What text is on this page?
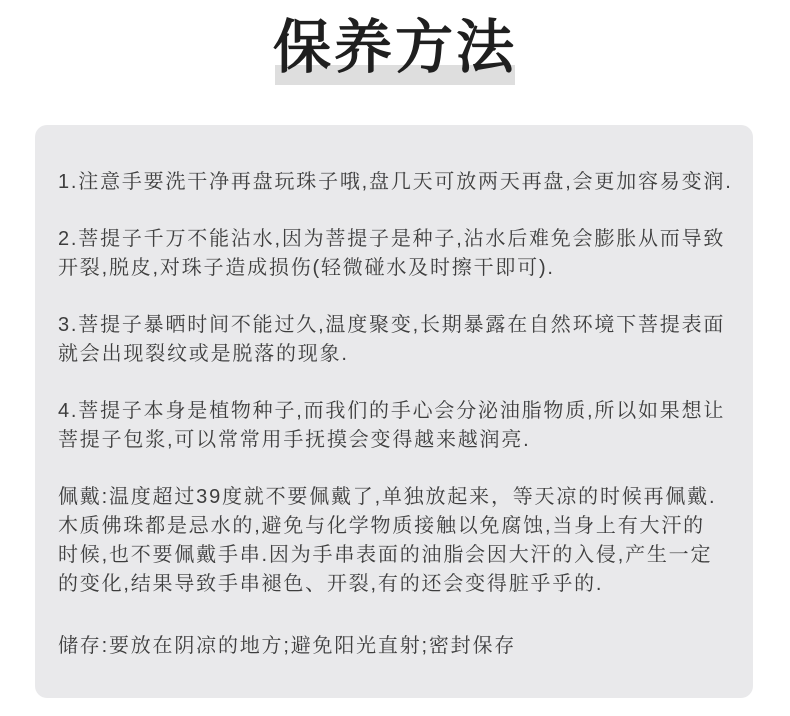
保养方法
1.注意手要洗干净再盘玩珠子哦,盘几天可放两天再盘,会更加容易变润.
2.菩提子千万不能沾水,因为菩提子是种子,沾水后难免会膨胀从而导致
开裂,脱皮,对珠子造成损伤(轻微碰水及时擦干即可).
3.菩提子暴晒时间不能过久,温度聚变,长期暴露在自然环境下菩提表面
就会出现裂纹或是脱落的现象.
4.菩提子本身是植物种子,而我们的手心会分泌油脂物质,所以如果想让
菩提子包浆,可以常常用手抚摸会变得越来越润亮.
佩戴:温度超过39度就不要佩戴了,单独放起来，等天凉的时候再佩戴.
木质佛珠都是忌水的,避免与化学物质接触以免腐蚀,当身上有大汗的
时候,也不要佩戴手串.因为手串表面的油脂会因大汗的入侵,产生一定
的变化,结果导致手串褪色、开裂,有的还会变得脏乎乎的.
储存:要放在阴凉的地方;避免阳光直射;密封保存
